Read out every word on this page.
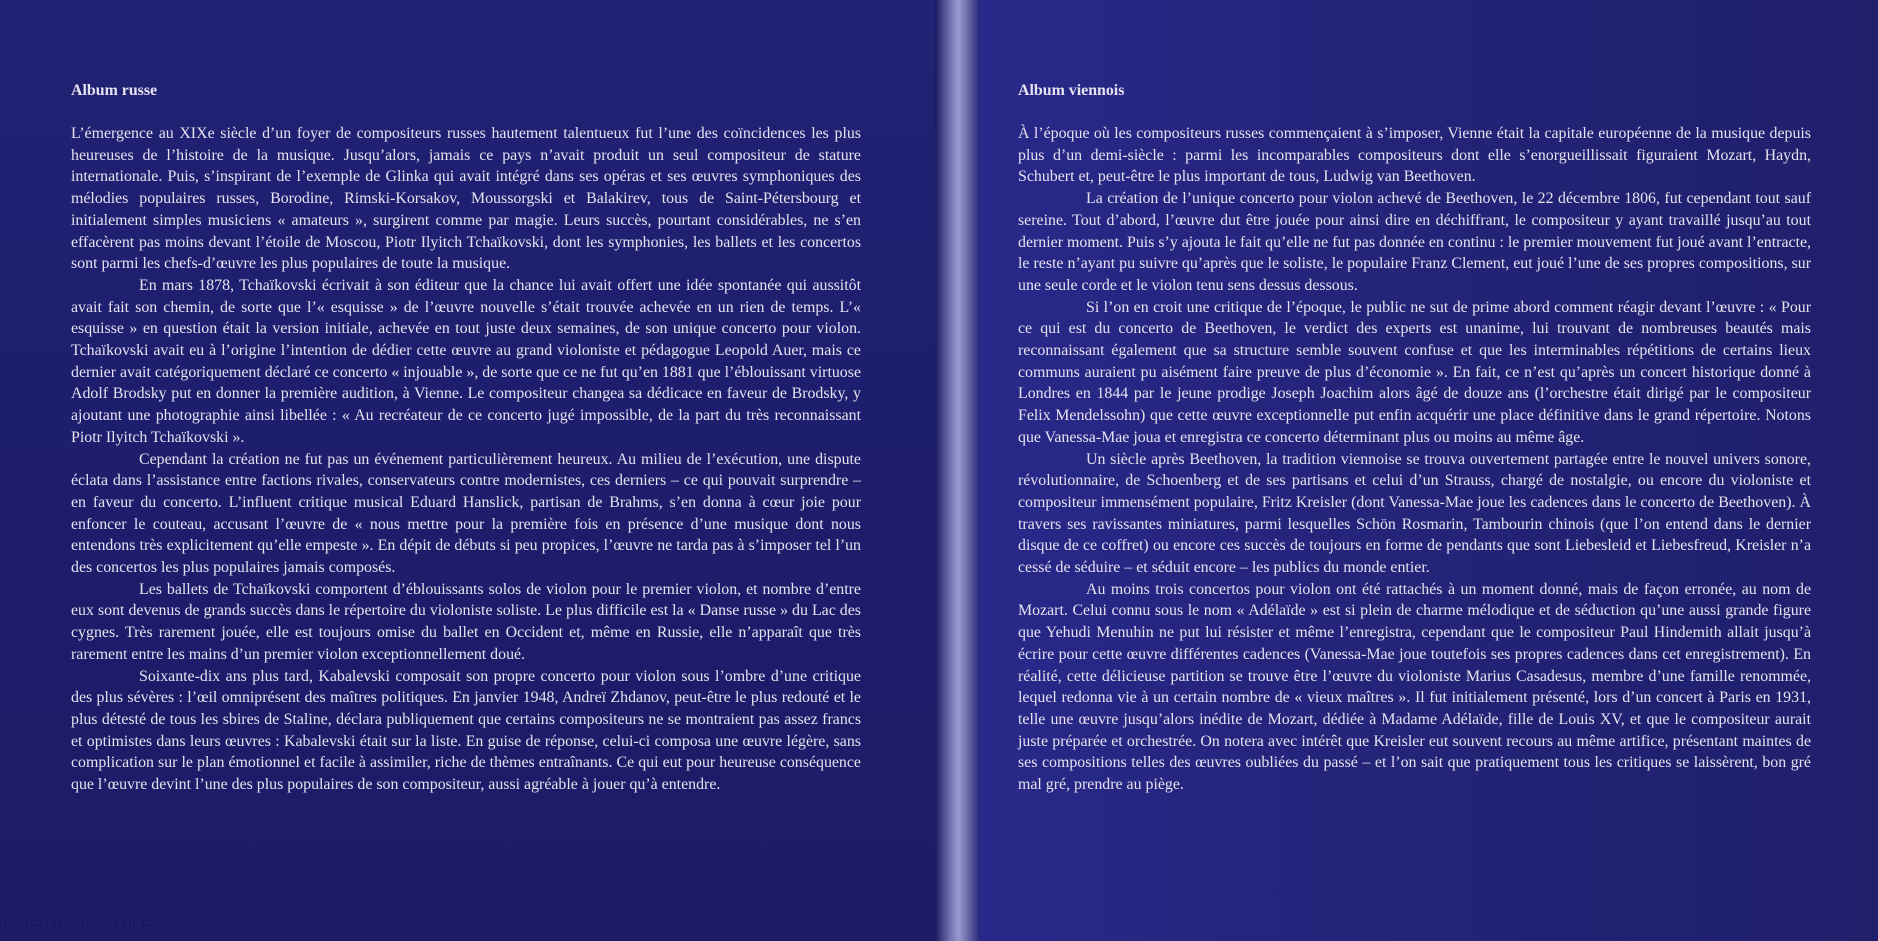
Album russe

L’émergence au XIXe siècle d’un foyer de compositeurs russes hautement talentueux fut l’une des coïncidences les plus heureuses de l’histoire de la musique. Jusqu’alors, jamais ce pays n’avait produit un seul compositeur de stature internationale. Puis, s’inspirant de l’exemple de Glinka qui avait intégré dans ses opéras et ses œuvres symphoniques des mélodies populaires russes, Borodine, Rimski-Korsakov, Moussorgski et Balakirev, tous de Saint-Pétersbourg et initialement simples musiciens « amateurs », surgirent comme par magie. Leurs succès, pourtant considérables, ne s’en effacèrent pas moins devant l’étoile de Moscou, Piotr Ilyitch Tchaïkovski, dont les symphonies, les ballets et les concertos sont parmi les chefs-d’œuvre les plus populaires de toute la musique.

En mars 1878, Tchaïkovski écrivait à son éditeur que la chance lui avait offert une idée spontanée qui aussitôt avait fait son chemin, de sorte que l’« esquisse » de l’œuvre nouvelle s’était trouvée achevée en un rien de temps. L’« esquisse » en question était la version initiale, achevée en tout juste deux semaines, de son unique concerto pour violon. Tchaïkovski avait eu à l’origine l’intention de dédier cette œuvre au grand violoniste et pédagogue Leopold Auer, mais ce dernier avait catégoriquement déclaré ce concerto « injouable », de sorte que ce ne fut qu’en 1881 que l’éblouissant virtuose Adolf Brodsky put en donner la première audition, à Vienne. Le compositeur changea sa dédicace en faveur de Brodsky, y ajoutant une photographie ainsi libellée : « Au recréateur de ce concerto jugé impossible, de la part du très reconnaissant Piotr Ilyitch Tchaïkovski ».

Cependant la création ne fut pas un événement particulièrement heureux. Au milieu de l’exécution, une dispute éclata dans l’assistance entre factions rivales, conservateurs contre modernistes, ces derniers – ce qui pouvait surprendre – en faveur du concerto. L’influent critique musical Eduard Hanslick, partisan de Brahms, s’en donna à cœur joie pour enfoncer le couteau, accusant l’œuvre de « nous mettre pour la première fois en présence d’une musique dont nous entendons très explicitement qu’elle empeste ». En dépit de débuts si peu propices, l’œuvre ne tarda pas à s’imposer tel l’un des concertos les plus populaires jamais composés.

Les ballets de Tchaïkovski comportent d’éblouissants solos de violon pour le premier violon, et nombre d’entre eux sont devenus de grands succès dans le répertoire du violoniste soliste. Le plus difficile est la « Danse russe » du Lac des cygnes. Très rarement jouée, elle est toujours omise du ballet en Occident et, même en Russie, elle n’apparaît que très rarement entre les mains d’un premier violon exceptionnellement doué.

Soixante-dix ans plus tard, Kabalevski composait son propre concerto pour violon sous l’ombre d’une critique des plus sévères : l’œil omniprésent des maîtres politiques. En janvier 1948, Andreï Zhdanov, peut-être le plus redouté et le plus détesté de tous les sbires de Staline, déclara publiquement que certains compositeurs ne se montraient pas assez francs et optimistes dans leurs œuvres : Kabalevski était sur la liste. En guise de réponse, celui-ci composa une œuvre légère, sans complication sur le plan émotionnel et facile à assimiler, riche de thèmes entraînants. Ce qui eut pour heureuse conséquence que l’œuvre devint l’une des plus populaires de son compositeur, aussi agréable à jouer qu’à entendre.

Glenn Cooke

Album viennois

À l’époque où les compositeurs russes commençaient à s’imposer, Vienne était la capitale européenne de la musique depuis plus d’un demi-siècle : parmi les incomparables compositeurs dont elle s’enorgueillissait figuraient Mozart, Haydn, Schubert et, peut-être le plus important de tous, Ludwig van Beethoven.

La création de l’unique concerto pour violon achevé de Beethoven, le 22 décembre 1806, fut cependant tout sauf sereine. Tout d’abord, l’œuvre dut être jouée pour ainsi dire en déchiffrant, le compositeur y ayant travaillé jusqu’au tout dernier moment. Puis s’y ajouta le fait qu’elle ne fut pas donnée en continu : le premier mouvement fut joué avant l’entracte, le reste n’ayant pu suivre qu’après que le soliste, le populaire Franz Clement, eut joué l’une de ses propres compositions, sur une seule corde et le violon tenu sens dessus dessous.

Si l’on en croit une critique de l’époque, le public ne sut de prime abord comment réagir devant l’œuvre : « Pour ce qui est du concerto de Beethoven, le verdict des experts est unanime, lui trouvant de nombreuses beautés mais reconnaissant également que sa structure semble souvent confuse et que les interminables répétitions de certains lieux communs auraient pu aisément faire preuve de plus d’économie ». En fait, ce n’est qu’après un concert historique donné à Londres en 1844 par le jeune prodige Joseph Joachim alors âgé de douze ans (l’orchestre était dirigé par le compositeur Felix Mendelssohn) que cette œuvre exceptionnelle put enfin acquérir une place définitive dans le grand répertoire. Notons que Vanessa-Mae joua et enregistra ce concerto déterminant plus ou moins au même âge.

Un siècle après Beethoven, la tradition viennoise se trouva ouvertement partagée entre le nouvel univers sonore, révolutionnaire, de Schoenberg et de ses partisans et celui d’un Strauss, chargé de nostalgie, ou encore du violoniste et compositeur immensément populaire, Fritz Kreisler (dont Vanessa-Mae joue les cadences dans le concerto de Beethoven). À travers ses ravissantes miniatures, parmi lesquelles Schön Rosmarin, Tambourin chinois (que l’on entend dans le dernier disque de ce coffret) ou encore ces succès de toujours en forme de pendants que sont Liebesleid et Liebesfreud, Kreisler n’a cessé de séduire – et séduit encore – les publics du monde entier.

Au moins trois concertos pour violon ont été rattachés à un moment donné, mais de façon erronée, au nom de Mozart. Celui connu sous le nom « Adélaïde » est si plein de charme mélodique et de séduction qu’une aussi grande figure que Yehudi Menuhin ne put lui résister et même l’enregistra, cependant que le compositeur Paul Hindemith allait jusqu’à écrire pour cette œuvre différentes cadences (Vanessa-Mae joue toutefois ses propres cadences dans cet enregistrement). En réalité, cette délicieuse partition se trouve être l’œuvre du violoniste Marius Casadesus, membre d’une famille renommée, lequel redonna vie à un certain nombre de « vieux maîtres ». Il fut initialement présenté, lors d’un concert à Paris en 1931, telle une œuvre jusqu’alors inédite de Mozart, dédiée à Madame Adélaïde, fille de Louis XV, et que le compositeur aurait juste préparée et orchestrée. On notera avec intérêt que Kreisler eut souvent recours au même artifice, présentant maintes de ses compositions telles des œuvres oubliées du passé – et l’on sait que pratiquement tous les critiques se laissèrent, bon gré mal gré, prendre au piège.
